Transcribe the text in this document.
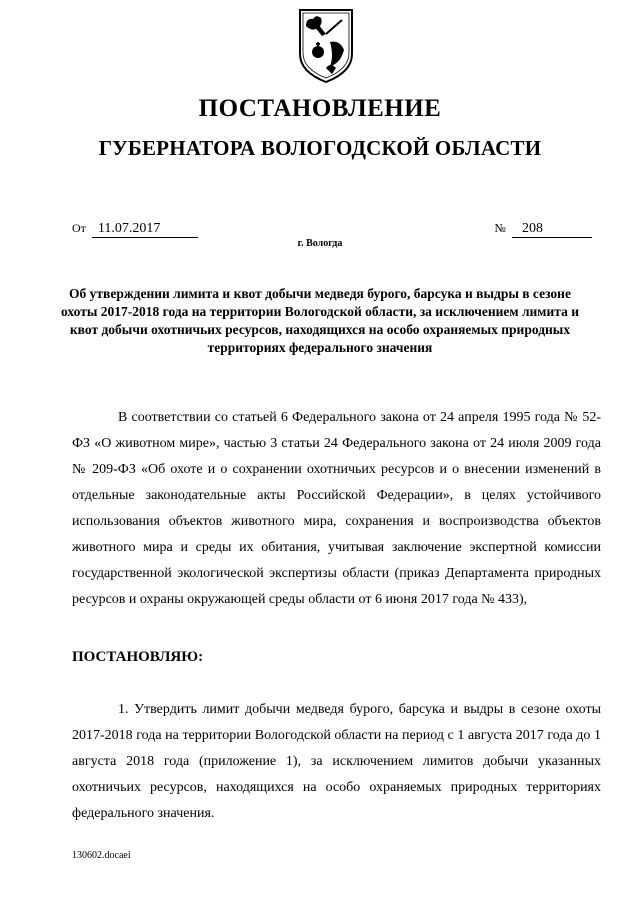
ПОСТАНОВЛЕНИЕ
ГУБЕРНАТОРА ВОЛОГОДСКОЙ ОБЛАСТИ
От 11.07.2017	№ 208
г. Вологда
Об утверждении лимита и квот добычи медведя бурого, барсука и выдры в сезоне охоты 2017-2018 года на территории Вологодской области, за исключением лимита и квот добычи охотничьих ресурсов, находящихся на особо охраняемых природных территориях федерального значения
В соответствии со статьей 6 Федерального закона от 24 апреля 1995 года № 52-ФЗ «О животном мире», частью 3 статьи 24 Федерального закона от 24 июля 2009 года № 209-ФЗ «Об охоте и о сохранении охотничьих ресурсов и о внесении изменений в отдельные законодательные акты Российской Федерации», в целях устойчивого использования объектов животного мира, сохранения и воспроизводства объектов животного мира и среды их обитания, учитывая заключение экспертной комиссии государственной экологической экспертизы области (приказ Департамента природных ресурсов и охраны окружающей среды области от 6 июня 2017 года № 433),
ПОСТАНОВЛЯЮ:
1. Утвердить лимит добычи медведя бурого, барсука и выдры в сезоне охоты 2017-2018 года на территории Вологодской области на период с 1 августа 2017 года до 1 августа 2018 года (приложение 1), за исключением лимитов добычи указанных охотничьих ресурсов, находящихся на особо охраняемых природных территориях федерального значения.
130602.docaei
